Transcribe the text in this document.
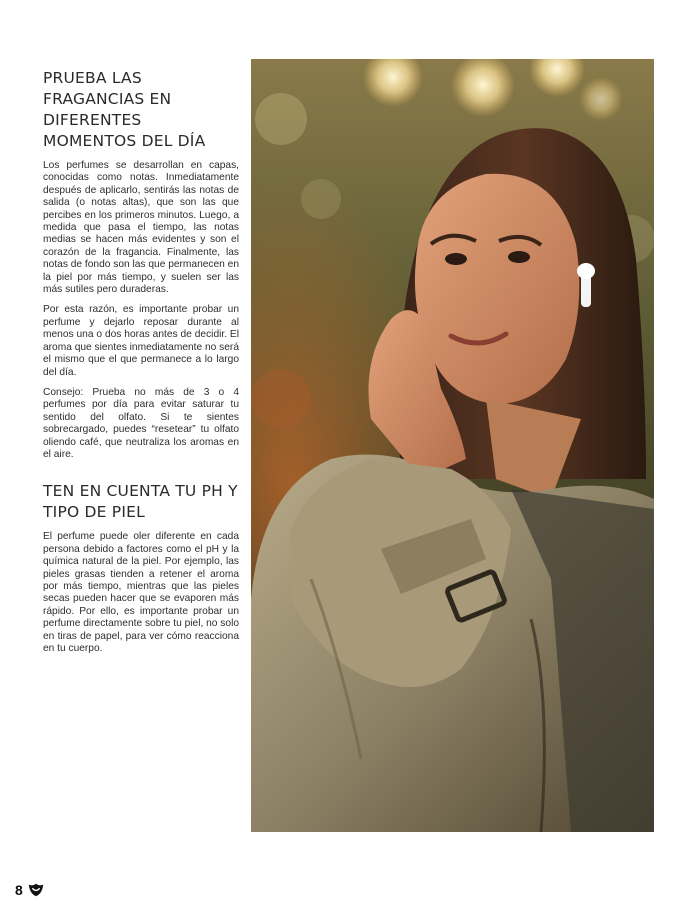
PRUEBA LAS FRAGANCIAS EN DIFERENTES MOMENTOS DEL DÍA

Los perfumes se desarrollan en capas, conocidas como notas. Inmediatamente después de aplicarlo, sentirás las notas de salida (o notas altas), que son las que percibes en los primeros minutos. Luego, a medida que pasa el tiempo, las notas medias se hacen más evidentes y son el corazón de la fragancia. Finalmente, las notas de fondo son las que permanecen en la piel por más tiempo, y suelen ser las más sutiles pero duraderas.

Por esta razón, es importante probar un perfume y dejarlo reposar durante al menos una o dos horas antes de decidir. El aroma que sientes inmediatamente no será el mismo que el que permanece a lo largo del día.

Consejo: Prueba no más de 3 o 4 perfumes por día para evitar saturar tu sentido del olfato. Si te sientes sobrecargado, puedes “resetear” tu olfato oliendo café, que neutraliza los aromas en el aire.

TEN EN CUENTA TU PH Y TIPO DE PIEL

El perfume puede oler diferente en cada persona debido a factores como el pH y la química natural de la piel. Por ejemplo, las pieles grasas tienden a retener el aroma por más tiempo, mientras que las pieles secas pueden hacer que se evaporen más rápido. Por ello, es importante probar un perfume directamente sobre tu piel, no solo en tiras de papel, para ver cómo reacciona en tu cuerpo.

8
